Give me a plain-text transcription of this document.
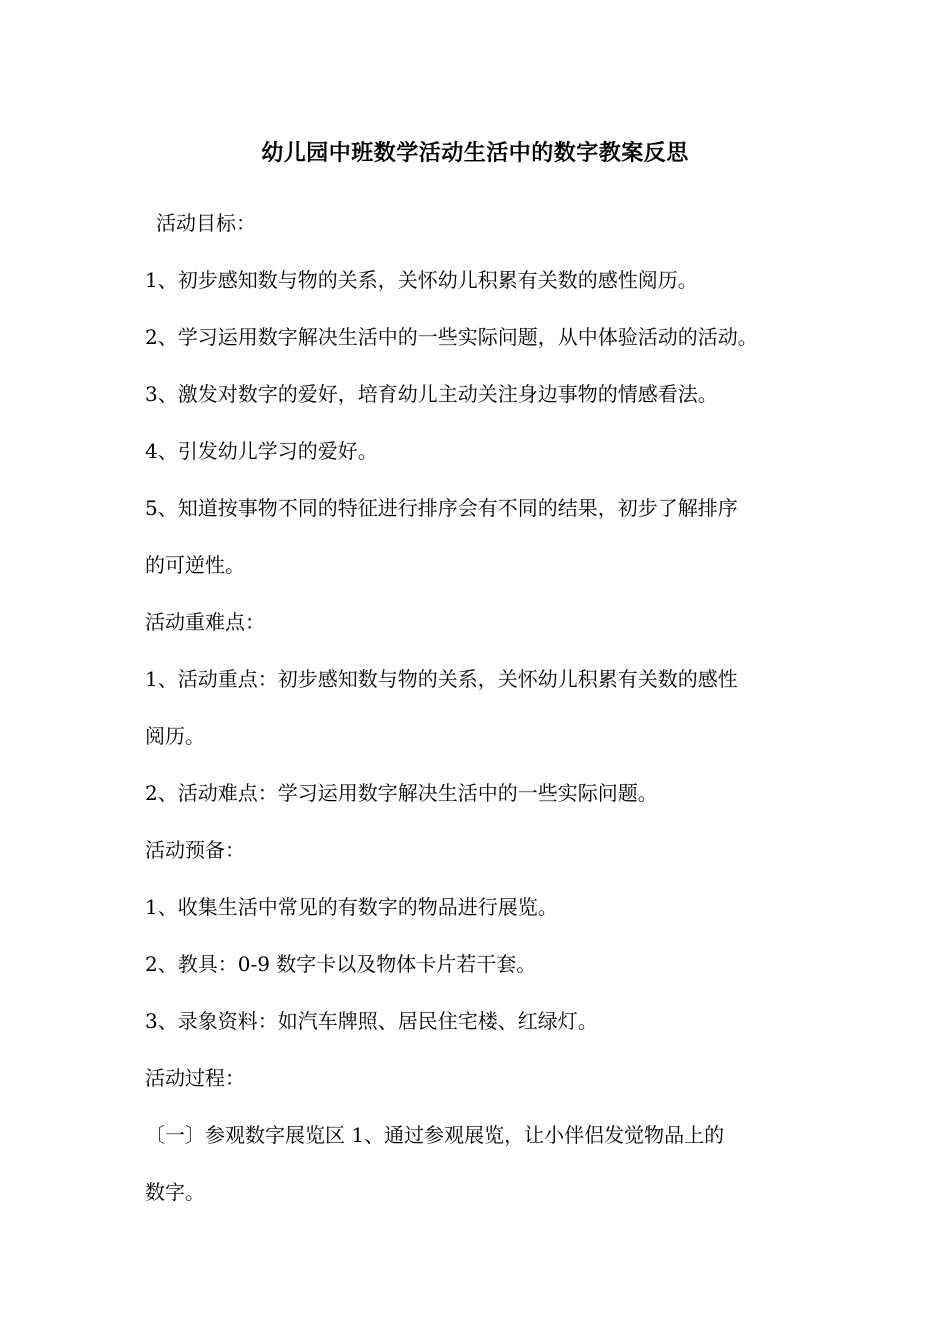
幼儿园中班数学活动生活中的数字教案反思
活动目标：
1、初步感知数与物的关系，关怀幼儿积累有关数的感性阅历。
2、学习运用数字解决生活中的一些实际问题，从中体验活动的活动。
3、激发对数字的爱好，培育幼儿主动关注身边事物的情感看法。
4、引发幼儿学习的爱好。
5、知道按事物不同的特征进行排序会有不同的结果，初步了解排序
的可逆性。
活动重难点：
1、活动重点：初步感知数与物的关系，关怀幼儿积累有关数的感性
阅历。
2、活动难点：学习运用数字解决生活中的一些实际问题。
活动预备：
1、收集生活中常见的有数字的物品进行展览。
2、教具：0-9 数字卡以及物体卡片若干套。
3、录象资料：如汽车牌照、居民住宅楼、红绿灯。
活动过程：
〔一〕参观数字展览区 1、通过参观展览，让小伴侣发觉物品上的
数字。
